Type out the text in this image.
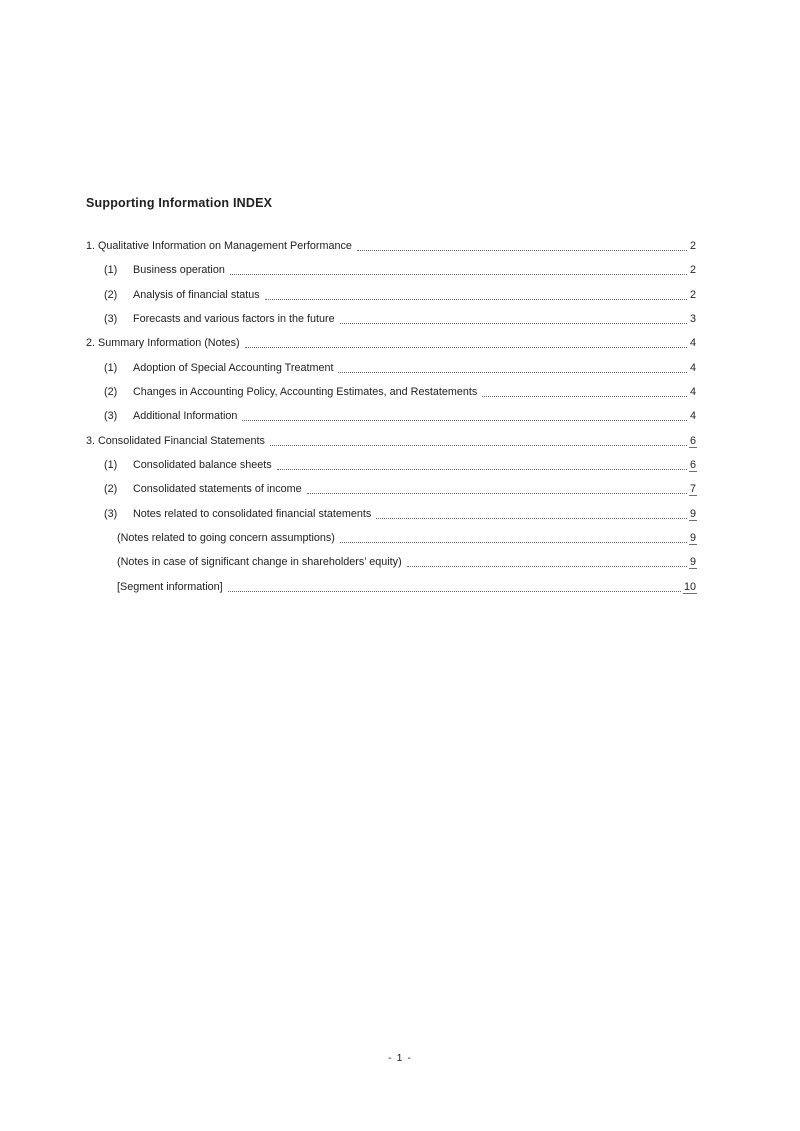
Supporting Information INDEX
1. Qualitative Information on Management Performance	2
(1)	Business operation	2
(2)	Analysis of financial status	2
(3)	Forecasts and various factors in the future	3
2. Summary Information (Notes)	4
(1)	Adoption of Special Accounting Treatment	4
(2)	Changes in Accounting Policy, Accounting Estimates, and Restatements	4
(3)	Additional Information	4
3. Consolidated Financial Statements	6
(1)	Consolidated balance sheets	6
(2)	Consolidated statements of income	7
(3)	Notes related to consolidated financial statements	9
(Notes related to going concern assumptions)	9
(Notes in case of significant change in shareholders’ equity)	9
[Segment information]	10
- 1 -
